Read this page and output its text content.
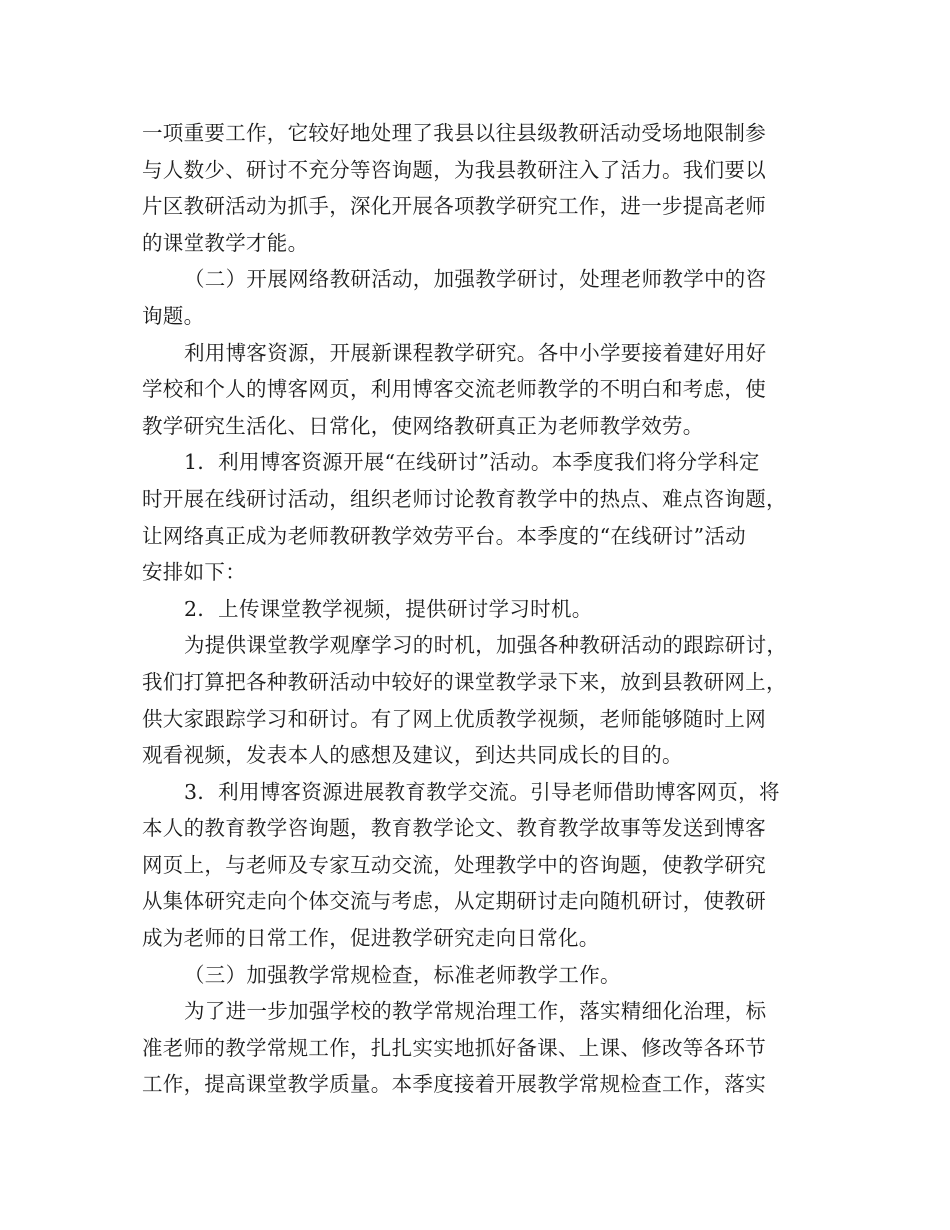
一项重要工作，它较好地处理了我县以往县级教研活动受场地限制参
与人数少、研讨不充分等咨询题，为我县教研注入了活力。我们要以
片区教研活动为抓手，深化开展各项教学研究工作，进一步提高老师
的课堂教学才能。
（二）开展网络教研活动，加强教学研讨，处理老师教学中的咨
询题。
利用博客资源，开展新课程教学研究。各中小学要接着建好用好
学校和个人的博客网页，利用博客交流老师教学的不明白和考虑，使
教学研究生活化、日常化，使网络教研真正为老师教学效劳。
1．利用博客资源开展“在线研讨”活动。本季度我们将分学科定
时开展在线研讨活动，组织老师讨论教育教学中的热点、难点咨询题，
让网络真正成为老师教研教学效劳平台。本季度的“在线研讨”活动
安排如下：
2．上传课堂教学视频，提供研讨学习时机。
为提供课堂教学观摩学习的时机，加强各种教研活动的跟踪研讨，
我们打算把各种教研活动中较好的课堂教学录下来，放到县教研网上，
供大家跟踪学习和研讨。有了网上优质教学视频，老师能够随时上网
观看视频，发表本人的感想及建议，到达共同成长的目的。
3．利用博客资源进展教育教学交流。引导老师借助博客网页，将
本人的教育教学咨询题，教育教学论文、教育教学故事等发送到博客
网页上，与老师及专家互动交流，处理教学中的咨询题，使教学研究
从集体研究走向个体交流与考虑，从定期研讨走向随机研讨，使教研
成为老师的日常工作，促进教学研究走向日常化。
（三）加强教学常规检查，标准老师教学工作。
为了进一步加强学校的教学常规治理工作，落实精细化治理，标
准老师的教学常规工作，扎扎实实地抓好备课、上课、修改等各环节
工作，提高课堂教学质量。本季度接着开展教学常规检查工作，落实
